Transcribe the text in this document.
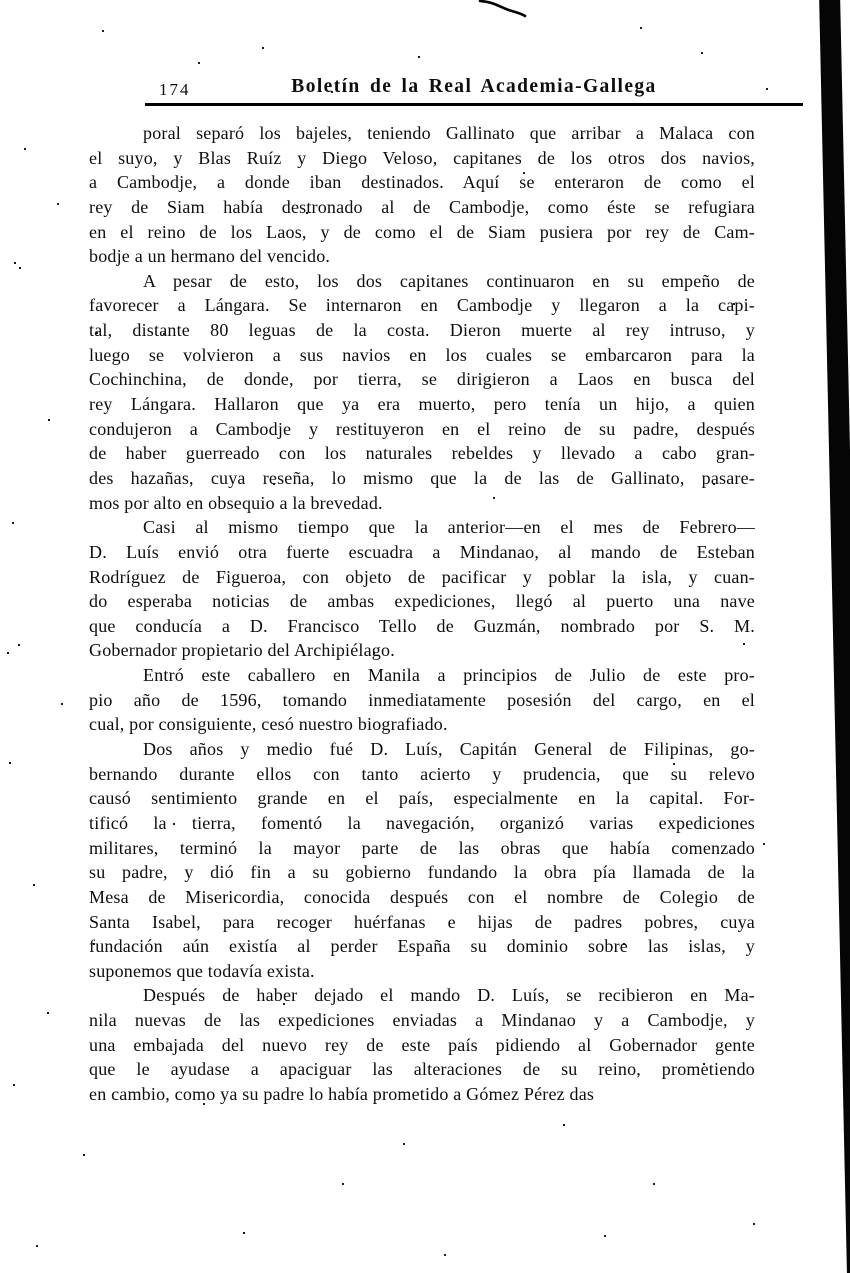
174	Boletín de la Real Academia-Gallega
poral separó los bajeles, teniendo Gallinato que arribar a Malaca con
el suyo, y Blas Ruíz y Diego Veloso, capitanes de los otros dos navios,
a Cambodje, a donde iban destinados. Aquí se enteraron de como el
rey de Siam había destronado al de Cambodje, como éste se refugiara
en el reino de los Laos, y de como el de Siam pusiera por rey de Cam-
bodje a un hermano del vencido.
A pesar de esto, los dos capitanes continuaron en su empeño de
favorecer a Lángara. Se internaron en Cambodje y llegaron a la capi-
tal, distante 80 leguas de la costa. Dieron muerte al rey intruso, y
luego se volvieron a sus navios en los cuales se embarcaron para la
Cochinchina, de donde, por tierra, se dirigieron a Laos en busca del
rey Lángara. Hallaron que ya era muerto, pero tenía un hijo, a quien
condujeron a Cambodje y restituyeron en el reino de su padre, después
de haber guerreado con los naturales rebeldes y llevado a cabo gran-
des hazañas, cuya reseña, lo mismo que la de las de Gallinato, pasare-
mos por alto en obsequio a la brevedad.
Casi al mismo tiempo que la anterior—en el mes de Febrero—
D. Luís envió otra fuerte escuadra a Mindanao, al mando de Esteban
Rodríguez de Figueroa, con objeto de pacificar y poblar la isla, y cuan-
do esperaba noticias de ambas expediciones, llegó al puerto una nave
que conducía a D. Francisco Tello de Guzmán, nombrado por S. M.
Gobernador propietario del Archipiélago.
Entró este caballero en Manila a principios de Julio de este pro-
pio año de 1596, tomando inmediatamente posesión del cargo, en el
cual, por consiguiente, cesó nuestro biografiado.
Dos años y medio fué D. Luís, Capitán General de Filipinas, go-
bernando durante ellos con tanto acierto y prudencia, que su relevo
causó sentimiento grande en el país, especialmente en la capital. For-
tificó la tierra, fomentó la navegación, organizó varias expediciones
militares, terminó la mayor parte de las obras que había comenzado
su padre, y dió fin a su gobierno fundando la obra pía llamada de la
Mesa de Misericordia, conocida después con el nombre de Colegio de
Santa Isabel, para recoger huérfanas e hijas de padres pobres, cuya
fundación aún existía al perder España su dominio sobre las islas, y
suponemos que todavía exista.
Después de haber dejado el mando D. Luís, se recibieron en Ma-
nila nuevas de las expediciones enviadas a Mindanao y a Cambodje, y
una embajada del nuevo rey de este país pidiendo al Gobernador gente
que le ayudase a apaciguar las alteraciones de su reino, prometiendo
en cambio, como ya su padre lo había prometido a Gómez Pérez das
